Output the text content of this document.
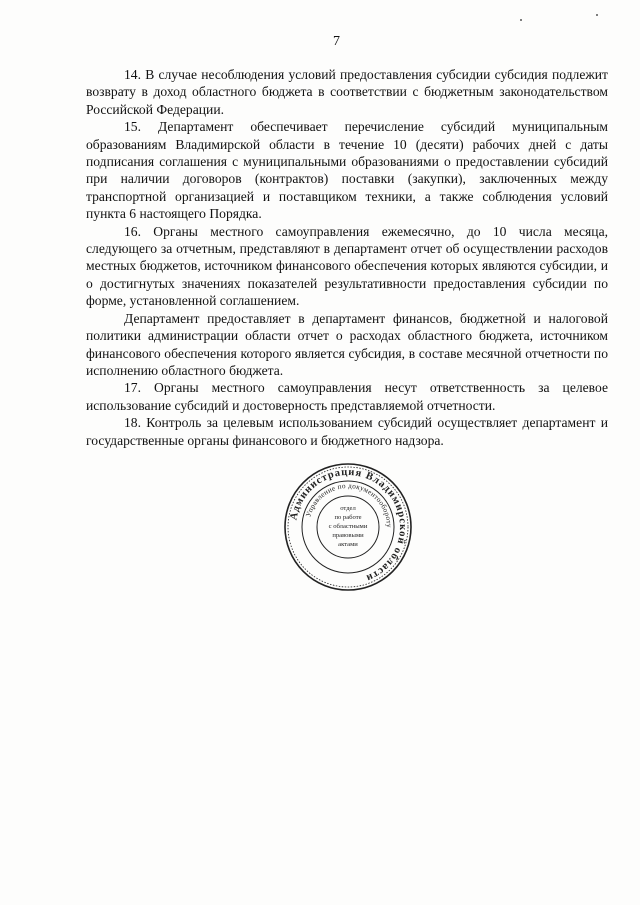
7

14. В случае несоблюдения условий предоставления субсидии субсидия подлежит возврату в доход областного бюджета в соответствии с бюджетным законодательством Российской Федерации.

15. Департамент обеспечивает перечисление субсидий муниципальным образованиям Владимирской области в течение 10 (десяти) рабочих дней с даты подписания соглашения с муниципальными образованиями о предоставлении субсидий при наличии договоров (контрактов) поставки (закупки), заключенных между транспортной организацией и поставщиком техники, а также соблюдения условий пункта 6 настоящего Порядка.

16. Органы местного самоуправления ежемесячно, до 10 числа месяца, следующего за отчетным, представляют в департамент отчет об осуществлении расходов местных бюджетов, источником финансового обеспечения которых являются субсидии, и о достигнутых значениях показателей результативности предоставления субсидии по форме, установленной соглашением.

Департамент предоставляет в департамент финансов, бюджетной и налоговой политики администрации области отчет о расходах областного бюджета, источником финансового обеспечения которого является субсидия, в составе месячной отчетности по исполнению областного бюджета.

17. Органы местного самоуправления несут ответственность за целевое использование субсидий и достоверность представляемой отчетности.

18. Контроль за целевым использованием субсидий осуществляет департамент и государственные органы финансового и бюджетного надзора.

Администрация Владимирской области
Управление по документообороту
отдел
по работе
с областными
правовыми
актами
